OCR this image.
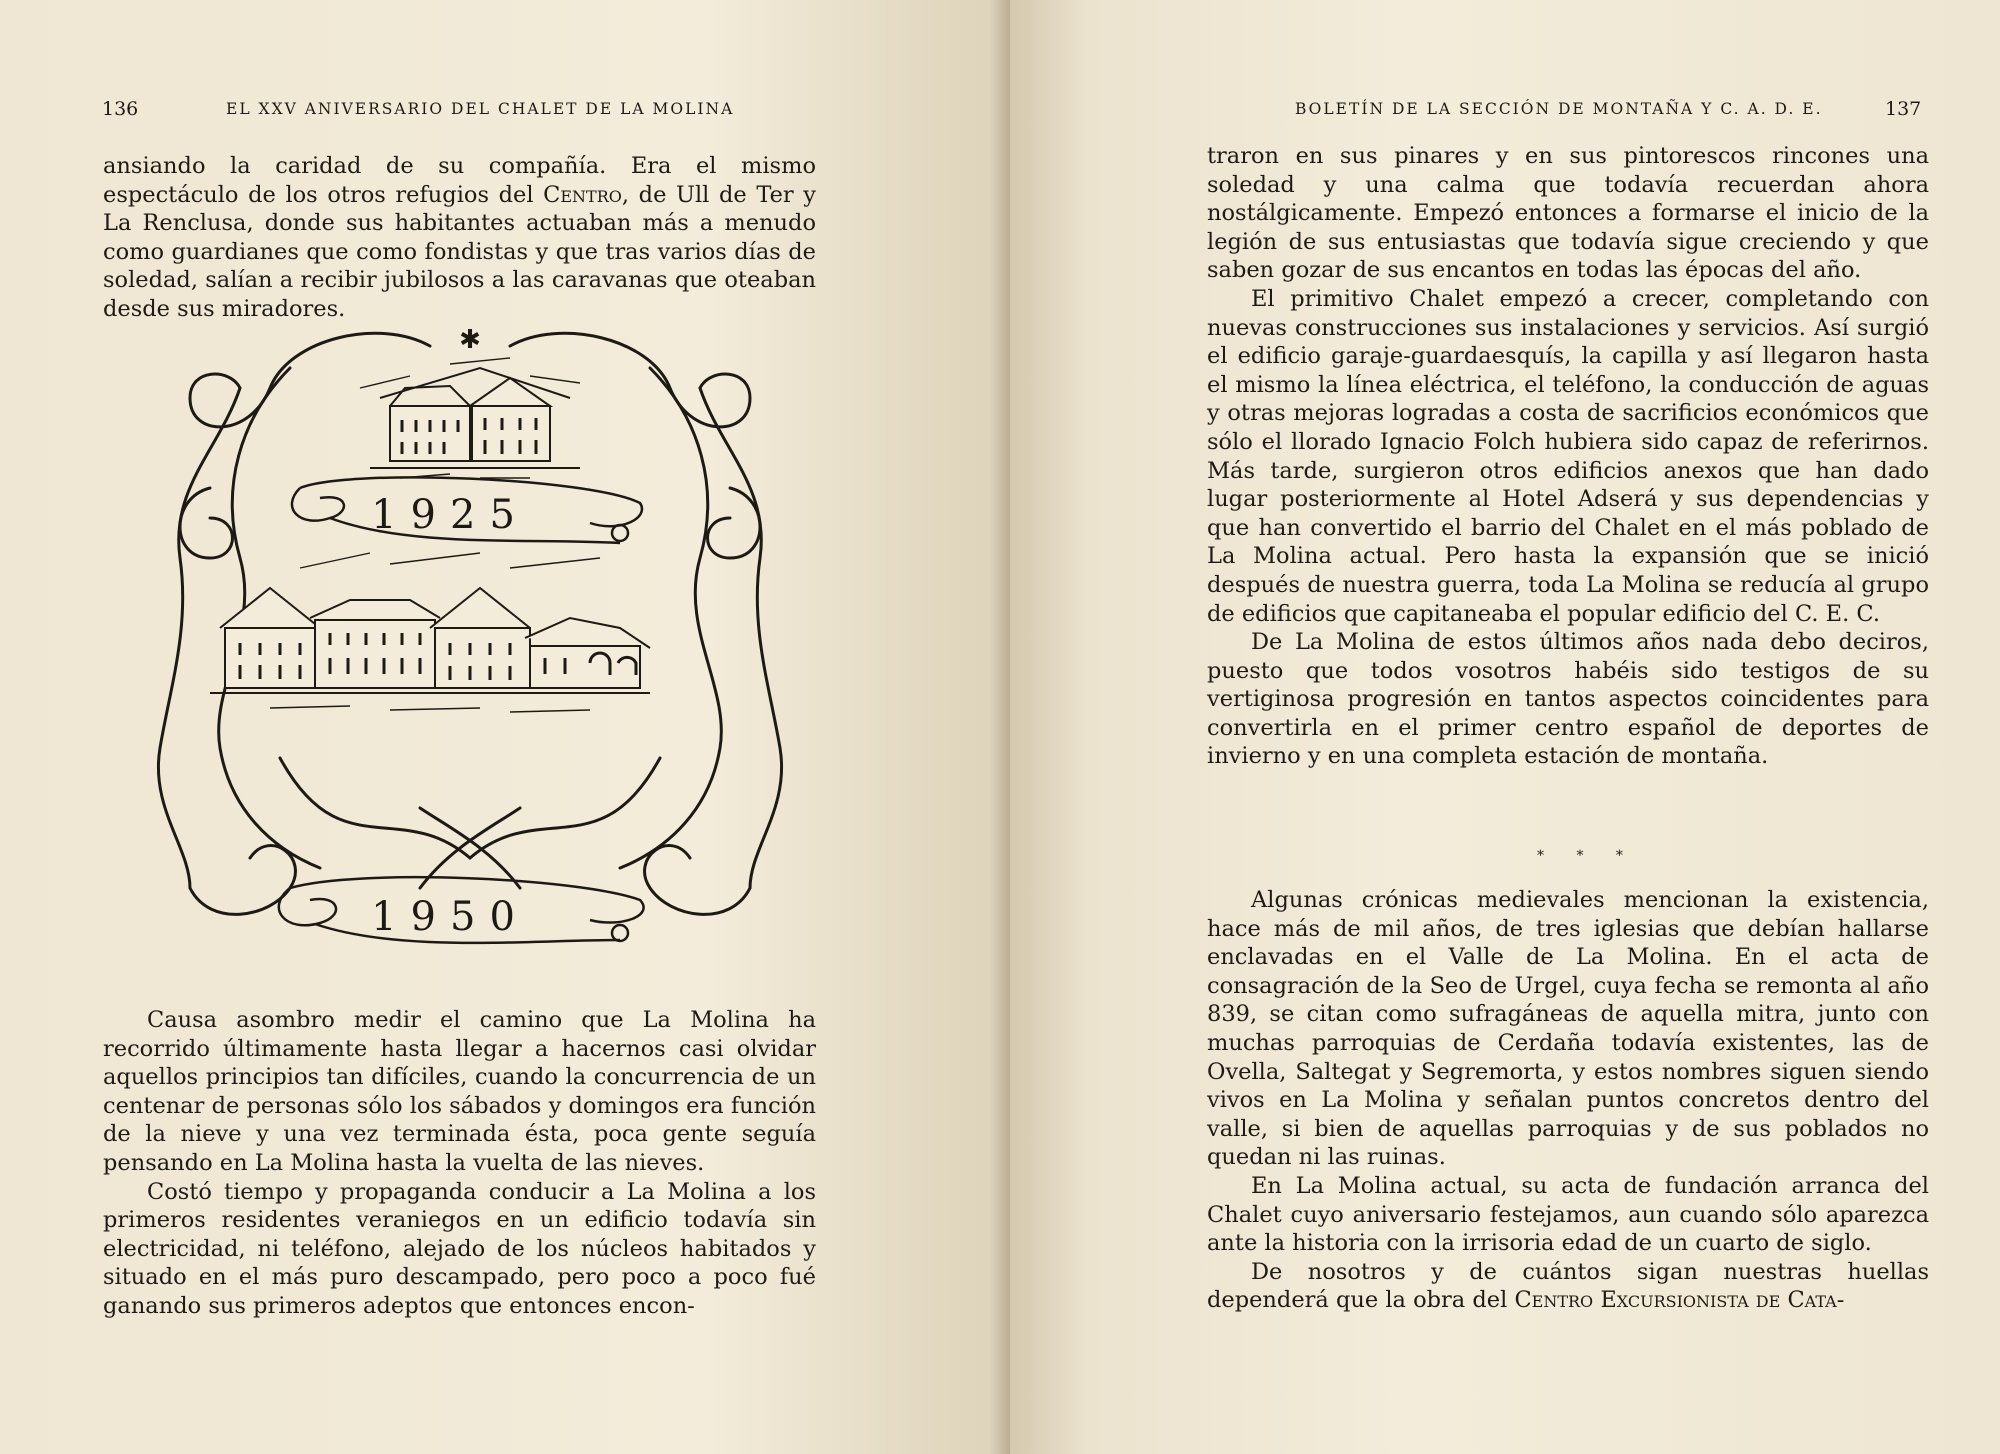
136	EL XXV ANIVERSARIO DEL CHALET DE LA MOLINA

ansiando la caridad de su compañía. Era el mismo espectáculo de los otros refugios del Centro, de Ull de Ter y La Renclusa, donde sus habitantes actuaban más a menudo como guardianes que como fondistas y que tras varios días de soledad, salían a recibir jubilosos a las caravanas que oteaban desde sus miradores.

✱
1925
1950

Causa asombro medir el camino que La Molina ha recorrido últimamente hasta llegar a hacernos casi olvidar aquellos principios tan difíciles, cuando la concurrencia de un centenar de personas sólo los sábados y domingos era función de la nieve y una vez terminada ésta, poca gente seguía pensando en La Molina hasta la vuelta de las nieves.

Costó tiempo y propaganda conducir a La Molina a los primeros residentes veraniegos en un edificio todavía sin electricidad, ni teléfono, alejado de los núcleos habitados y situado en el más puro descampado, pero poco a poco fué ganando sus primeros adeptos que entonces encon-

BOLETÍN DE LA SECCIÓN DE MONTAÑA Y C. A. D. E.	137

traron en sus pinares y en sus pintorescos rincones una soledad y una calma que todavía recuerdan ahora nostálgicamente. Empezó entonces a formarse el inicio de la legión de sus entusiastas que todavía sigue creciendo y que saben gozar de sus encantos en todas las épocas del año.

El primitivo Chalet empezó a crecer, completando con nuevas construcciones sus instalaciones y servicios. Así surgió el edificio garaje-guardaesquís, la capilla y así llegaron hasta el mismo la línea eléctrica, el teléfono, la conducción de aguas y otras mejoras logradas a costa de sacrificios económicos que sólo el llorado Ignacio Folch hubiera sido capaz de referirnos. Más tarde, surgieron otros edificios anexos que han dado lugar posteriormente al Hotel Adserá y sus dependencias y que han convertido el barrio del Chalet en el más poblado de La Molina actual. Pero hasta la expansión que se inició después de nuestra guerra, toda La Molina se reducía al grupo de edificios que capitaneaba el popular edificio del C. E. C.

De La Molina de estos últimos años nada debo deciros, puesto que todos vosotros habéis sido testigos de su vertiginosa progresión en tantos aspectos coincidentes para convertirla en el primer centro español de deportes de invierno y en una completa estación de montaña.

* * *

Algunas crónicas medievales mencionan la existencia, hace más de mil años, de tres iglesias que debían hallarse enclavadas en el Valle de La Molina. En el acta de consagración de la Seo de Urgel, cuya fecha se remonta al año 839, se citan como sufragáneas de aquella mitra, junto con muchas parroquias de Cerdaña todavía existentes, las de Ovella, Saltegat y Segremorta, y estos nombres siguen siendo vivos en La Molina y señalan puntos concretos dentro del valle, si bien de aquellas parroquias y de sus poblados no quedan ni las ruinas.

En La Molina actual, su acta de fundación arranca del Chalet cuyo aniversario festejamos, aun cuando sólo aparezca ante la historia con la irrisoria edad de un cuarto de siglo.

De nosotros y de cuántos sigan nuestras huellas dependerá que la obra del Centro Excursionista de Cata-
